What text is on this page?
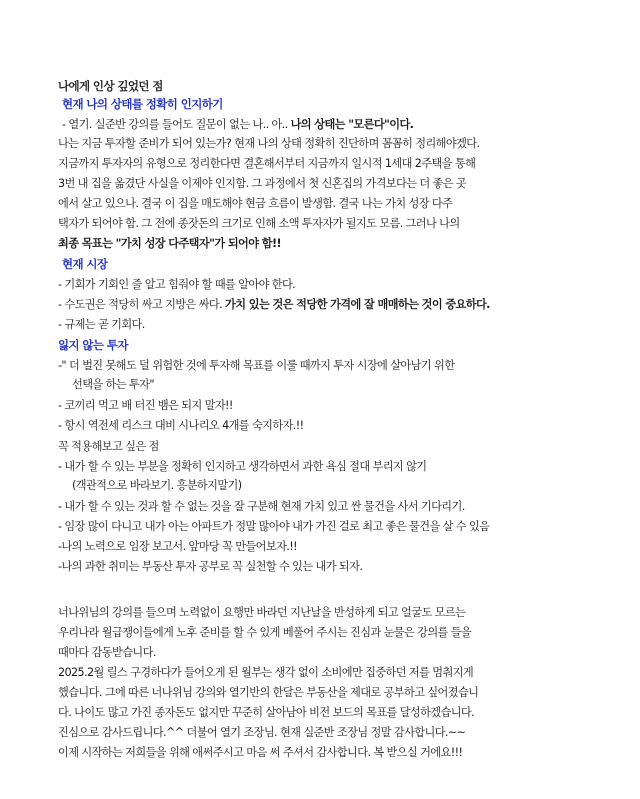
나에게 인상 깊었던 점
현재 나의 상태를 정확히 인지하기
- 열기. 실준반 강의를 들어도 질문이 없는 나.. 아.. 나의 상태는 "모른다"이다.
나는 지금 투자할 준비가 되어 있는가? 현재 나의 상태 정확히 진단하며 꼼꼼히 정리해야겠다.
지금까지 투자자의 유형으로 정리한다면 결혼해서부터 지금까지 일시적 1세대 2주택을 통해
3번 내 집을 옮겼단 사실을 이제야 인지함. 그 과정에서 첫 신혼집의 가격보다는 더 좋은 곳
에서 살고 있으나. 결국 이 집을 매도해야 현금 흐름이 발생함. 결국 나는 가치 성장 다주
택자가 되어야 함. 그 전에 종잣돈의 크기로 인해 소액 투자자가 될지도 모름. 그러나 나의
최종 목표는 "가치 성장 다주택자"가 되어야 함!!
현재 시장
- 기회가 기회인 줄 알고 힘줘야 할 때를 알아야 한다.
- 수도권은 적당히 싸고 지방은 싸다. 가치 있는 것은 적당한 가격에 잘 매매하는 것이 중요하다.
- 규제는 곧 기회다.
잃지 않는 투자
-" 더 벌진 못해도 덜 위험한 것에 투자해 목표를 이룰 때까지 투자 시장에 살아남기 위한
선택을 하는 투자"
- 코끼리 먹고 배 터진 뱀은 되지 말자!!
- 항시 역전세 리스크 대비 시나리오 4개를 숙지하자.!!
꼭 적용해보고 싶은 점
- 내가 할 수 있는 부분을 정확히 인지하고 생각하면서 과한 욕심 절대 부리지 않기
(객관적으로 바라보기. 흥분하지말기)
- 내가 할 수 있는 것과 할 수 없는 것을 잘 구분해 현재 가치 있고 싼 물건을 사서 기다리기.
- 임장 많이 다니고 내가 아는 아파트가 정말 많아야 내가 가진 걸로 최고 좋은 물건을 살 수 있음
-나의 노력으로 임장 보고서. 앞마당 꼭 만들어보자.!!
-나의 과한 취미는 부동산 투자 공부로 꼭 실천할 수 있는 내가 되자.
너나위님의 강의를 들으며 노력없이 요행만 바라던 지난날을 반성하게 되고 얼굴도 모르는
우리나라 월급쟁이들에게 노후 준비를 할 수 있게 베풀어 주시는 진심과 눈물은 강의를 들을
때마다 감동받습니다.
2025.2월 릴스 구경하다가 들어오게 된 월부는 생각 없이 소비에만 집중하던 저를 멈춰지게
했습니다. 그에 따른 너나위님 강의와 열기반의 한달은 부동산을 제대로 공부하고 싶어졌습니
다. 나이도 많고 가진 종자돈도 없지만 꾸준히 살아남아 비전 보드의 목표를 달성하겠습니다.
진심으로 감사드립니다.^^ 더불어 열기 조장님. 현재 실준반 조장님 정말 감사합니다.~~
이제 시작하는 저희들을 위해 애써주시고 마음 써 주셔서 감사합니다. 복 받으실 거에요!!!
